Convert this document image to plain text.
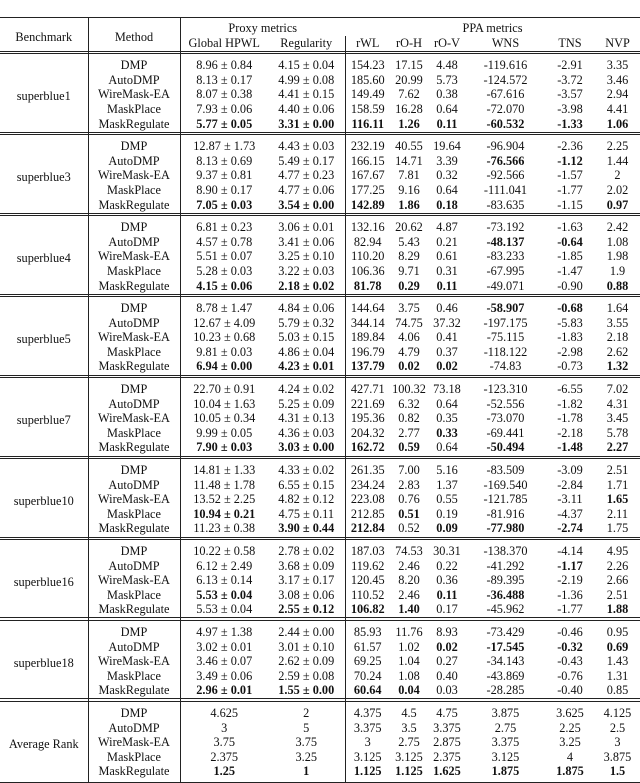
Benchmark	Method	Proxy metrics		PPA metrics					
		Global HPWL	Regularity	rWL	rO-H	rO-V	WNS	TNS	NVP
superblue1	DMP	8.96 ± 0.84	4.15 ± 0.04	154.23	17.15	4.48	-119.616	-2.91	3.35
	AutoDMP	8.13 ± 0.17	4.99 ± 0.08	185.60	20.99	5.73	-124.572	-3.72	3.46
	WireMask-EA	8.07 ± 0.38	4.41 ± 0.15	149.49	7.62	0.38	-67.616	-3.57	2.94
	MaskPlace	7.93 ± 0.06	4.40 ± 0.06	158.59	16.28	0.64	-72.070	-3.98	4.41
	MaskRegulate	5.77 ± 0.05	3.31 ± 0.00	116.11	1.26	0.11	-60.532	-1.33	1.06
superblue3	DMP	12.87 ± 1.73	4.43 ± 0.03	232.19	40.55	19.64	-96.904	-2.36	2.25
	AutoDMP	8.13 ± 0.69	5.49 ± 0.17	166.15	14.71	3.39	-76.566	-1.12	1.44
	WireMask-EA	9.37 ± 0.81	4.77 ± 0.23	167.67	7.81	0.32	-92.566	-1.57	2
	MaskPlace	8.90 ± 0.17	4.77 ± 0.06	177.25	9.16	0.64	-111.041	-1.77	2.02
	MaskRegulate	7.05 ± 0.03	3.54 ± 0.00	142.89	1.86	0.18	-83.635	-1.15	0.97
superblue4	DMP	6.81 ± 0.23	3.06 ± 0.01	132.16	20.62	4.87	-73.192	-1.63	2.42
	AutoDMP	4.57 ± 0.78	3.41 ± 0.06	82.94	5.43	0.21	-48.137	-0.64	1.08
	WireMask-EA	5.51 ± 0.07	3.25 ± 0.10	110.20	8.29	0.61	-83.233	-1.85	1.98
	MaskPlace	5.28 ± 0.03	3.22 ± 0.03	106.36	9.71	0.31	-67.995	-1.47	1.9
	MaskRegulate	4.15 ± 0.06	2.18 ± 0.02	81.78	0.29	0.11	-49.071	-0.90	0.88
superblue5	DMP	8.78 ± 1.47	4.84 ± 0.06	144.64	3.75	0.46	-58.907	-0.68	1.64
	AutoDMP	12.67 ± 4.09	5.79 ± 0.32	344.14	74.75	37.32	-197.175	-5.83	3.55
	WireMask-EA	10.23 ± 0.68	5.03 ± 0.15	189.84	4.06	0.41	-75.115	-1.83	2.18
	MaskPlace	9.81 ± 0.03	4.86 ± 0.04	196.79	4.79	0.37	-118.122	-2.98	2.62
	MaskRegulate	6.94 ± 0.00	4.23 ± 0.01	137.79	0.02	0.02	-74.83	-0.73	1.32
superblue7	DMP	22.70 ± 0.91	4.24 ± 0.02	427.71	100.32	73.18	-123.310	-6.55	7.02
	AutoDMP	10.04 ± 1.63	5.25 ± 0.09	221.69	6.32	0.64	-52.556	-1.82	4.31
	WireMask-EA	10.05 ± 0.34	4.31 ± 0.13	195.36	0.82	0.35	-73.070	-1.78	3.45
	MaskPlace	9.99 ± 0.05	4.36 ± 0.03	204.32	2.77	0.33	-69.441	-2.18	5.78
	MaskRegulate	7.90 ± 0.03	3.03 ± 0.00	162.72	0.59	0.64	-50.494	-1.48	2.27
superblue10	DMP	14.81 ± 1.33	4.33 ± 0.02	261.35	7.00	5.16	-83.509	-3.09	2.51
	AutoDMP	11.48 ± 1.78	6.55 ± 0.15	234.24	2.83	1.37	-169.540	-2.84	1.71
	WireMask-EA	13.52 ± 2.25	4.82 ± 0.12	223.08	0.76	0.55	-121.785	-3.11	1.65
	MaskPlace	10.94 ± 0.21	4.75 ± 0.11	212.85	0.51	0.19	-81.916	-4.37	2.11
	MaskRegulate	11.23 ± 0.38	3.90 ± 0.44	212.84	0.52	0.09	-77.980	-2.74	1.75
superblue16	DMP	10.22 ± 0.58	2.78 ± 0.02	187.03	74.53	30.31	-138.370	-4.14	4.95
	AutoDMP	6.12 ± 2.49	3.68 ± 0.09	119.62	2.46	0.22	-41.292	-1.17	2.26
	WireMask-EA	6.13 ± 0.14	3.17 ± 0.17	120.45	8.20	0.36	-89.395	-2.19	2.66
	MaskPlace	5.53 ± 0.04	3.08 ± 0.06	110.52	2.46	0.11	-36.488	-1.36	2.51
	MaskRegulate	5.53 ± 0.04	2.55 ± 0.12	106.82	1.40	0.17	-45.962	-1.77	1.88
superblue18	DMP	4.97 ± 1.38	2.44 ± 0.00	85.93	11.76	8.93	-73.429	-0.46	0.95
	AutoDMP	3.02 ± 0.01	3.01 ± 0.10	61.57	1.02	0.02	-17.545	-0.32	0.69
	WireMask-EA	3.46 ± 0.07	2.62 ± 0.09	69.25	1.04	0.27	-34.143	-0.43	1.43
	MaskPlace	3.49 ± 0.06	2.59 ± 0.08	70.24	1.08	0.40	-43.869	-0.76	1.31
	MaskRegulate	2.96 ± 0.01	1.55 ± 0.00	60.64	0.04	0.03	-28.285	-0.40	0.85
Average Rank	DMP	4.625	2	4.375	4.5	4.75	3.875	3.625	4.125
	AutoDMP	3	5	3.375	3.5	3.375	2.75	2.25	2.5
	WireMask-EA	3.75	3.75	3	2.75	2.875	3.375	3.25	3
	MaskPlace	2.375	3.25	3.125	3.125	2.375	3.125	4	3.875
	MaskRegulate	1.25	1	1.125	1.125	1.625	1.875	1.875	1.5
